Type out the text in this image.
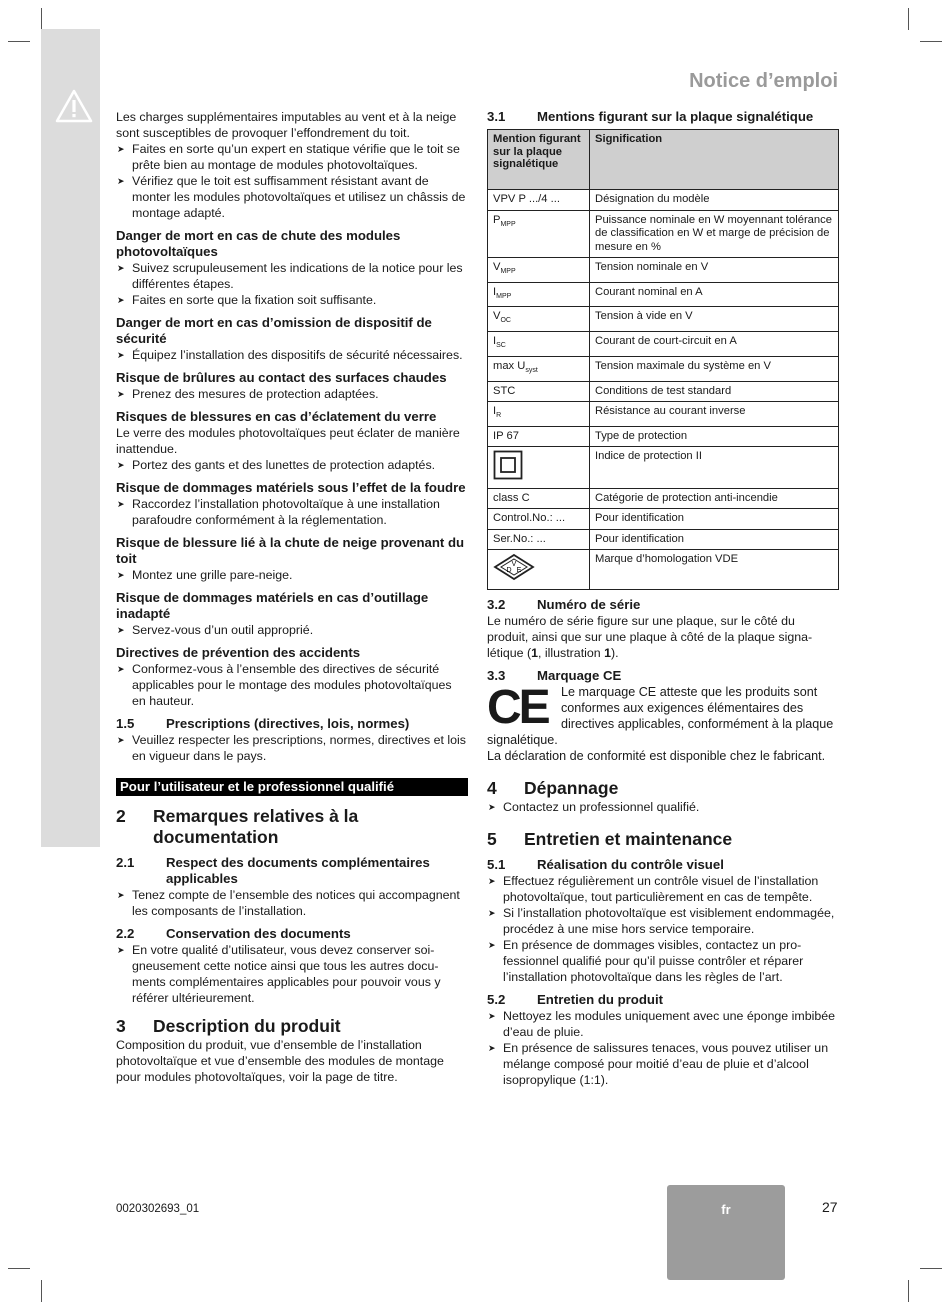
Notice d’emploi

Les charges supplémentaires imputables au vent et à la neige sont susceptibles de provoquer l’effondrement du toit.

➤ Faites en sorte qu’un expert en statique vérifie que le toit se prête bien au montage de modules photovoltaïques.
➤ Vérifiez que le toit est suffisamment résistant avant de monter les modules photovoltaïques et utilisez un châssis de montage adapté.
Danger de mort en cas de chute des modules photovoltaïques
➤ Suivez scrupuleusement les indications de la notice pour les différentes étapes.
➤ Faites en sorte que la fixation soit suffisante.
Danger de mort en cas d’omission de dispositif de sécurité
➤ Équipez l’installation des dispositifs de sécurité nécessaires.
Risque de brûlures au contact des surfaces chaudes
➤ Prenez des mesures de protection adaptées.
Risques de blessures en cas d’éclatement du verre

Le verre des modules photovoltaïques peut éclater de manière inattendue.

➤ Portez des gants et des lunettes de protection adaptés.
Risque de dommages matériels sous l’effet de la foudre
➤ Raccordez l’installation photovoltaïque à une installation parafoudre conformément à la réglementation.
Risque de blessure lié à la chute de neige provenant du toit
➤ Montez une grille pare-neige.
Risque de dommages matériels en cas d’outillage inadapté
➤ Servez-vous d’un outil approprié.
Directives de prévention des accidents
➤ Conformez-vous à l’ensemble des directives de sécurité applicables pour le montage des modules photovoltaïques en hauteur.
1.5	Prescriptions (directives, lois, normes)
➤ Veuillez respecter les prescriptions, normes, directives et lois en vigueur dans le pays.
Pour l’utilisateur et le professionnel qualifié
2	Remarques relatives à la documentation
2.1	Respect des documents complémentaires applicables
➤ Tenez compte de l’ensemble des notices qui accompagnent les composants de l’installation.
2.2	Conservation des documents
➤ En votre qualité d’utilisateur, vous devez conserver soigneusement cette notice ainsi que tous les autres documents complémentaires applicables pour pouvoir vous y référer ultérieurement.
3	Description du produit

Composition du produit, vue d’ensemble de l’installation photovoltaïque et vue d’ensemble des modules de montage pour modules photovoltaïques, voir la page de titre.

3.1	Mentions figurant sur la plaque signalétique
Mention figurant sur la plaque signalétique	Signification
VPV P .../4 ...	Désignation du modèle
$P_{MPP}$	Puissance nominale en W moyennant tolérance de classification en W et marge de précision de mesure en %
$V_{MPP}$	Tension nominale en V
$I_{MPP}$	Courant nominal en A
$V_{OC}$	Tension à vide en V
$I_{SC}$	Courant de court-circuit en A
$\max U_{syst}$	Tension maximale du système en V
STC	Conditions de test standard
$I_R$	Résistance au courant inverse
IP 67	Type de protection
	Indice de protection II
class C	Catégorie de protection anti-incendie
Control.No.: ...	Pour identification
Ser.No.: ...	Pour identification

V
D E	Marque d’homologation VDE
3.2	Numéro de série

Le numéro de série figure sur une plaque, sur le côté du produit, ainsi que sur une plaque à côté de la plaque signalétique (1, illustration 1).

3.3	Marquage CE
CE	Le marquage CE atteste que les produits sont conformes aux exigences élémentaires des directives applicables, conformément à la plaque signalétique.

La déclaration de conformité est disponible chez le fabricant.

4	Dépannage
➤ Contactez un professionnel qualifié.
5	Entretien et maintenance
5.1	Réalisation du contrôle visuel
➤ Effectuez régulièrement un contrôle visuel de l’installation photovoltaïque, tout particulièrement en cas de tempête.
➤ Si l’installation photovoltaïque est visiblement endommagée, procédez à une mise hors service temporaire.
➤ En présence de dommages visibles, contactez un professionnel qualifié pour qu’il puisse contrôler et réparer l’installation photovoltaïque dans les règles de l’art.
5.2	Entretien du produit
➤ Nettoyez les modules uniquement avec une éponge imbibée d’eau de pluie.
➤ En présence de salissures tenaces, vous pouvez utiliser un mélange composé pour moitié d’eau de pluie et d’alcool isopropylique (1:1).
0020302693_01	fr	27
